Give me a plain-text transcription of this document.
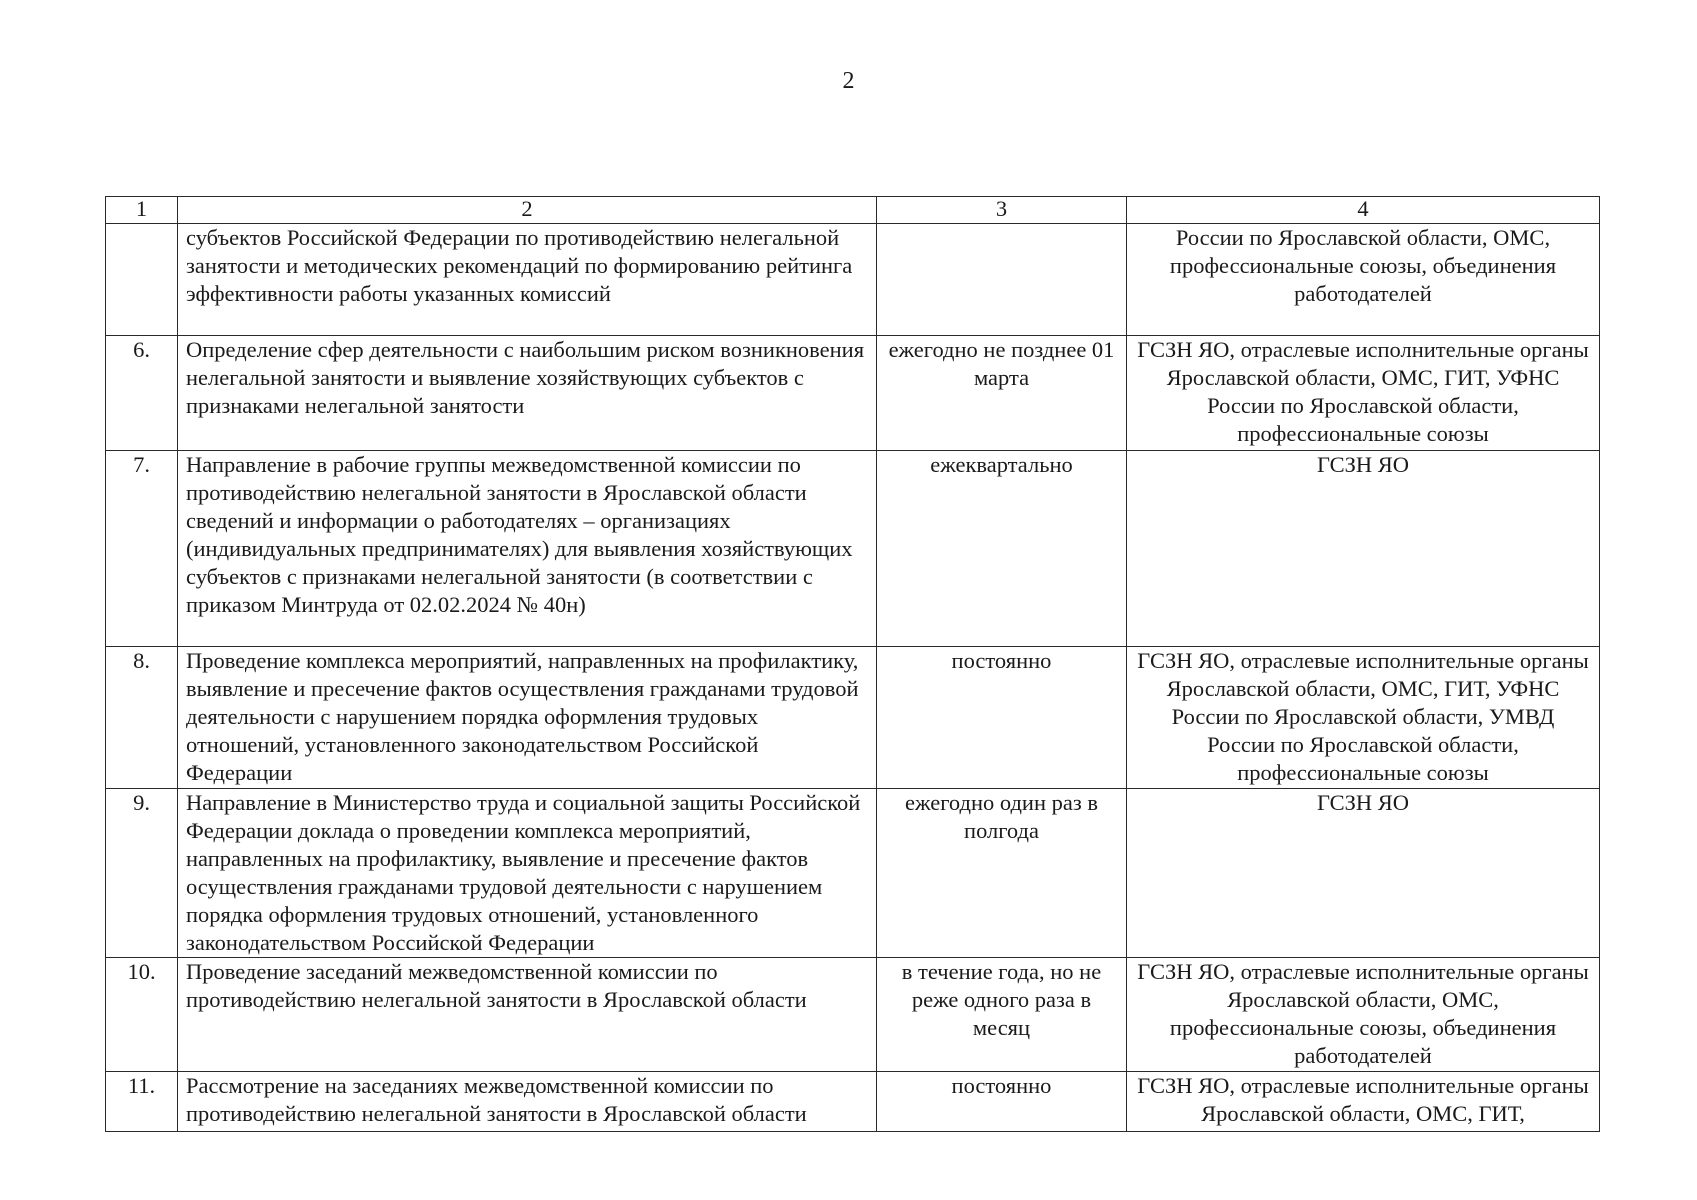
2
1	2	3	4
	субъектов Российской Федерации по противодействию нелегальной занятости и методических рекомендаций по формированию рейтинга эффективности работы указанных комиссий		России по Ярославской области, ОМС, профессиональные союзы, объединения работодателей
6.	Определение сфер деятельности с наибольшим риском возникновения нелегальной занятости и выявление хозяйствующих субъектов с признаками нелегальной занятости	ежегодно не позднее 01 марта	ГСЗН ЯО, отраслевые исполнительные органы Ярославской области, ОМС, ГИТ, УФНС России по Ярославской области, профессиональные союзы
7.	Направление в рабочие группы межведомственной комиссии по противодействию нелегальной занятости в Ярославской области сведений и информации о работодателях – организациях (индивидуальных предпринимателях) для выявления хозяйствующих субъектов с признаками нелегальной занятости (в соответствии с приказом Минтруда от 02.02.2024 № 40н)	ежеквартально	ГСЗН ЯО
8.	Проведение комплекса мероприятий, направленных на профилактику, выявление и пресечение фактов осуществления гражданами трудовой деятельности с нарушением порядка оформления трудовых отношений, установленного законодательством Российской Федерации	постоянно	ГСЗН ЯО, отраслевые исполнительные органы Ярославской области, ОМС, ГИТ, УФНС России по Ярославской области, УМВД России по Ярославской области, профессиональные союзы
9.	Направление в Министерство труда и социальной защиты Российской Федерации доклада о проведении комплекса мероприятий, направленных на профилактику, выявление и пресечение фактов осуществления гражданами трудовой деятельности с нарушением порядка оформления трудовых отношений, установленного законодательством Российской Федерации	ежегодно один раз в полгода	ГСЗН ЯО
10.	Проведение заседаний межведомственной комиссии по противодействию нелегальной занятости в Ярославской области	в течение года, но не реже одного раза в месяц	ГСЗН ЯО, отраслевые исполнительные органы Ярославской области, ОМС, профессиональные союзы, объединения работодателей
11.	Рассмотрение на заседаниях межведомственной комиссии по противодействию нелегальной занятости в Ярославской области	постоянно	ГСЗН ЯО, отраслевые исполнительные органы Ярославской области, ОМС, ГИТ,
